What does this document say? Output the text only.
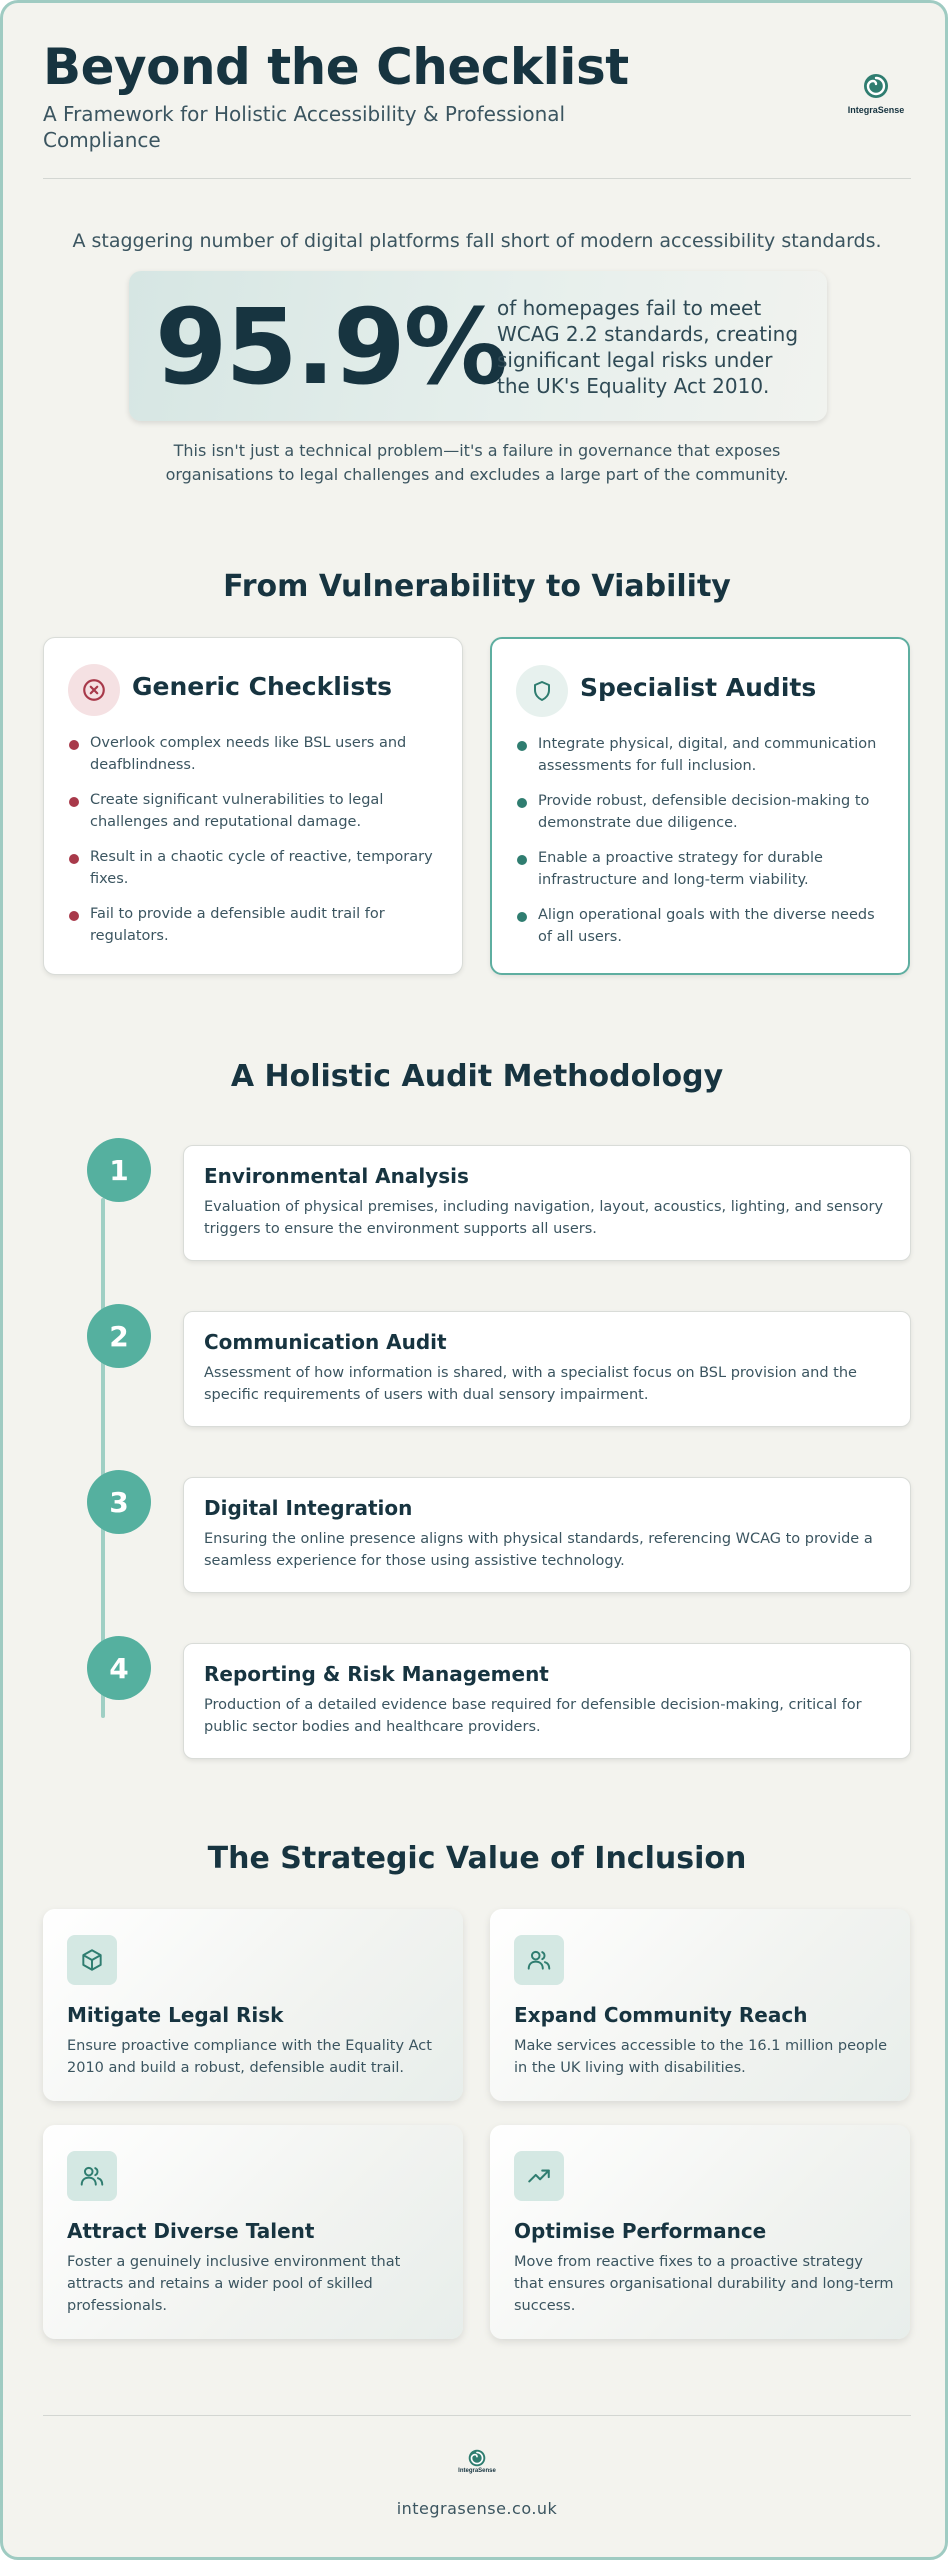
Beyond the Checklist
A Framework for Holistic Accessibility & Professional Compliance
IntegraSense
A staggering number of digital platforms fall short of modern accessibility standards.
95.9%
of homepages fail to meet WCAG 2.2 standards, creating significant legal risks under the UK's Equality Act 2010.
This isn't just a technical problem—it's a failure in governance that exposes organisations to legal challenges and excludes a large part of the community.
From Vulnerability to Viability
Generic Checklists
Overlook complex needs like BSL users and deafblindness.
Create significant vulnerabilities to legal challenges and reputational damage.
Result in a chaotic cycle of reactive, temporary fixes.
Fail to provide a defensible audit trail for regulators.
Specialist Audits
Integrate physical, digital, and communication assessments for full inclusion.
Provide robust, defensible decision-making to demonstrate due diligence.
Enable a proactive strategy for durable infrastructure and long-term viability.
Align operational goals with the diverse needs of all users.
A Holistic Audit Methodology
1	Environmental Analysis
Evaluation of physical premises, including navigation, layout, acoustics, lighting, and sensory triggers to ensure the environment supports all users.
2	Communication Audit
Assessment of how information is shared, with a specialist focus on BSL provision and the specific requirements of users with dual sensory impairment.
3	Digital Integration
Ensuring the online presence aligns with physical standards, referencing WCAG to provide a seamless experience for those using assistive technology.
4	Reporting & Risk Management
Production of a detailed evidence base required for defensible decision-making, critical for public sector bodies and healthcare providers.
The Strategic Value of Inclusion
Mitigate Legal Risk
Ensure proactive compliance with the Equality Act 2010 and build a robust, defensible audit trail.
Expand Community Reach
Make services accessible to the 16.1 million people in the UK living with disabilities.
Attract Diverse Talent
Foster a genuinely inclusive environment that attracts and retains a wider pool of skilled professionals.
Optimise Performance
Move from reactive fixes to a proactive strategy that ensures organisational durability and long-term success.
IntegraSense
integrasense.co.uk
